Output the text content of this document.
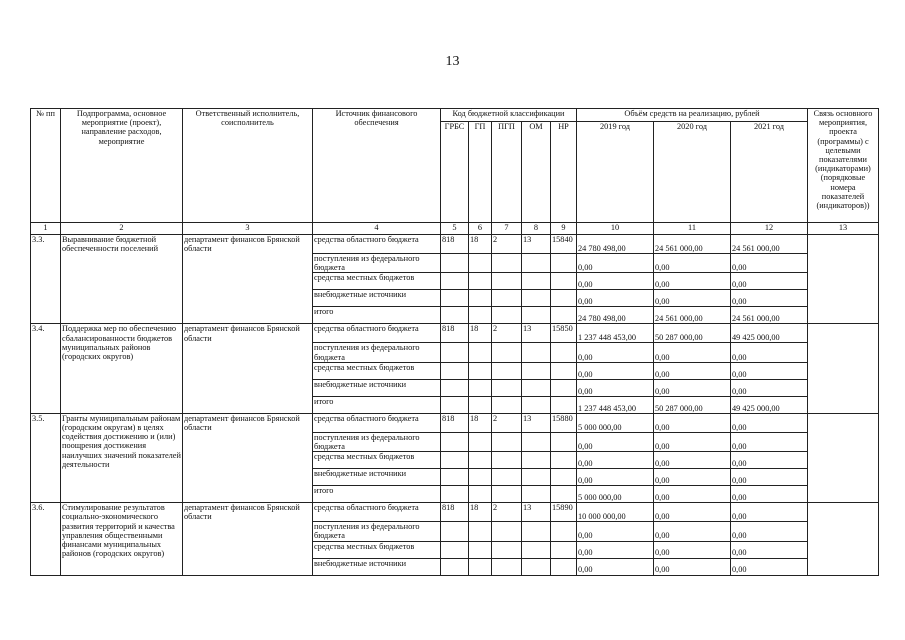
13
№ пп	Подпрограмма, основное мероприятие (проект), направление расходов, мероприятие	Ответственный исполнитель, соисполнитель	Источник финансового обеспечения	Код бюджетной классификации					Объём средств на реализацию, рублей			Связь основного мероприятия, проекта (программы) с целевыми показателями (индикаторами) (порядковые номера показателей (индикаторов))
				ГРБС	ГП	ПГП	ОМ	НР	2019 год	2020 год	2021 год	
1	2	3	4	5	6	7	8	9	10	11	12	13
3.3.	Выравнивание бюджетной обеспеченности поселений	департамент финансов Брянской области	средства областного бюджета	818	18	2	13	15840	24 780 498,00	24 561 000,00	24 561 000,00	
			поступления из федерального бюджета						0,00	0,00	0,00	
			средства местных бюджетов						0,00	0,00	0,00	
			внебюджетные источники						0,00	0,00	0,00	
			итого						24 780 498,00	24 561 000,00	24 561 000,00	
3.4.	Поддержка мер по обеспечению сбалансированности бюджетов муниципальных районов (городских округов)	департамент финансов Брянской области	средства областного бюджета	818	18	2	13	15850	1 237 448 453,00	50 287 000,00	49 425 000,00	
			поступления из федерального бюджета						0,00	0,00	0,00	
			средства местных бюджетов						0,00	0,00	0,00	
			внебюджетные источники						0,00	0,00	0,00	
			итого						1 237 448 453,00	50 287 000,00	49 425 000,00	
3.5.	Гранты муниципальным районам (городским округам) в целях содействия достижению и (или) поощрения достижения наилучших значений показателей деятельности	департамент финансов Брянской области	средства областного бюджета	818	18	2	13	15880	5 000 000,00	0,00	0,00	
			поступления из федерального бюджета						0,00	0,00	0,00	
			средства местных бюджетов						0,00	0,00	0,00	
			внебюджетные источники						0,00	0,00	0,00	
			итого						5 000 000,00	0,00	0,00	
3.6.	Стимулирование результатов социально-экономического развития территорий и качества управления общественными финансами муниципальных районов (городских округов)	департамент финансов Брянской области	средства областного бюджета	818	18	2	13	15890	10 000 000,00	0,00	0,00	
			поступления из федерального бюджета						0,00	0,00	0,00	
			средства местных бюджетов						0,00	0,00	0,00	
			внебюджетные источники						0,00	0,00	0,00	
